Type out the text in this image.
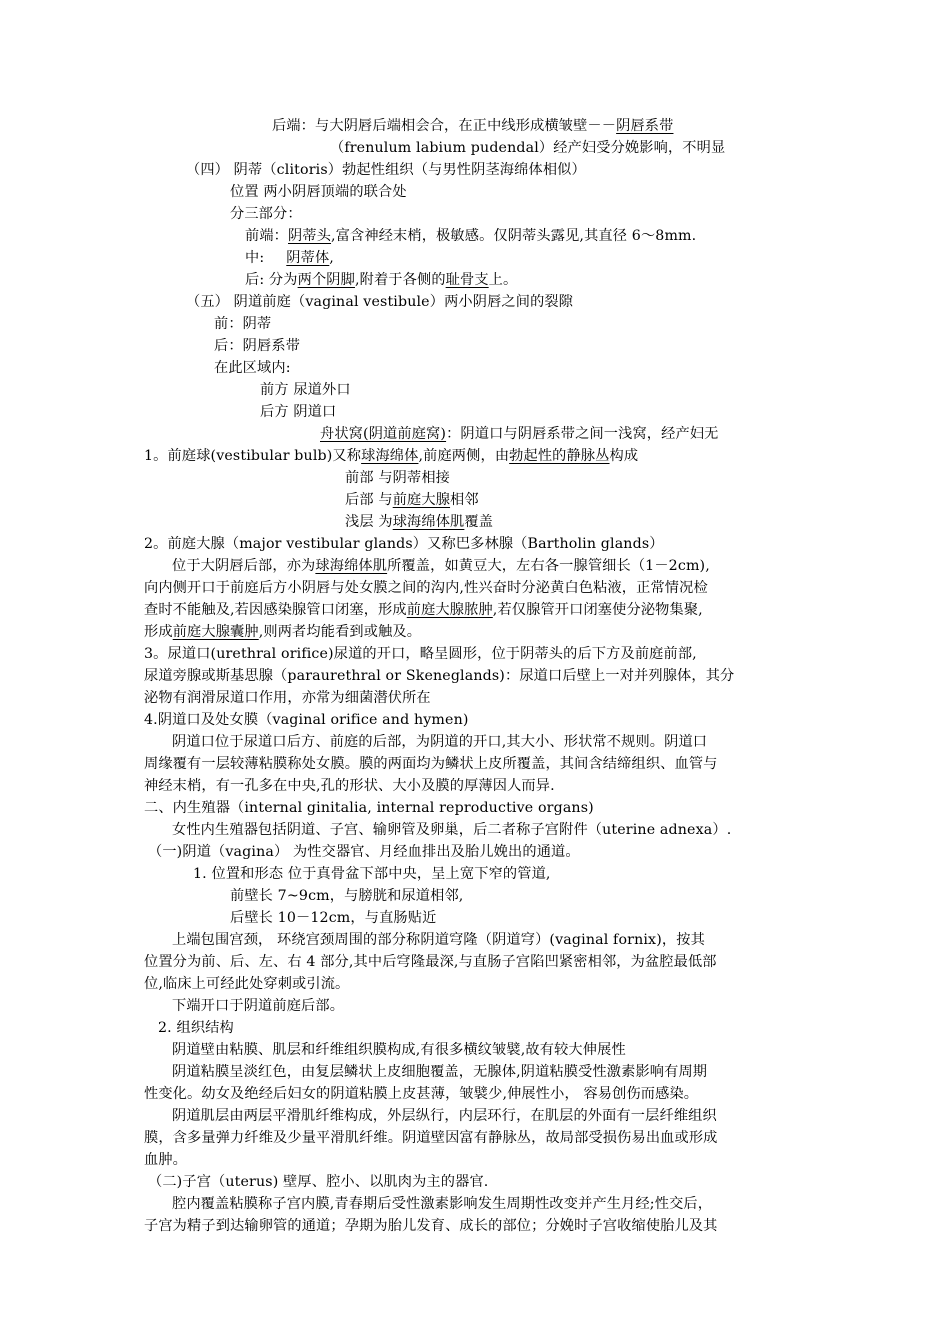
后端：与大阴唇后端相会合，在正中线形成横皱壁－－阴唇系带
（frenulum labium pudendal）经产妇受分娩影响，不明显
（四） 阴蒂（clitoris）勃起性组织（与男性阴茎海绵体相似）
位置 两小阴唇顶端的联合处
分三部分：
前端：阴蒂头,富含神经末梢，极敏感。仅阴蒂头露见,其直径 6～8mm.
中: 阴蒂体,
后: 分为两个阴脚,附着于各侧的耻骨支上。
（五） 阴道前庭（vaginal vestibule）两小阴唇之间的裂隙
前：阴蒂
后：阴唇系带
在此区域内:
前方 尿道外口
后方 阴道口
舟状窝(阴道前庭窝)：阴道口与阴唇系带之间一浅窝，经产妇无
1。前庭球(vestibular bulb)又称球海绵体,前庭两侧，由勃起性的静脉丛构成
前部 与阴蒂相接
后部 与前庭大腺相邻
浅层 为球海绵体肌覆盖
2。前庭大腺（major vestibular glands）又称巴多林腺（Bartholin glands）
位于大阴唇后部，亦为球海绵体肌所覆盖，如黄豆大，左右各一腺管细长（1－2cm),
向内侧开口于前庭后方小阴唇与处女膜之间的沟内,性兴奋时分泌黄白色粘液，正常情况检
查时不能触及,若因感染腺管口闭塞，形成前庭大腺脓肿,若仅腺管开口闭塞使分泌物集聚,
形成前庭大腺囊肿,则两者均能看到或触及。
3。尿道口(urethral orifice)尿道的开口，略呈圆形，位于阴蒂头的后下方及前庭前部,
尿道旁腺或斯基思腺（paraurethral or Skeneglands)：尿道口后壁上一对并列腺体，其分
泌物有润滑尿道口作用，亦常为细菌潜伏所在
4.阴道口及处女膜（vaginal orifice and hymen)
阴道口位于尿道口后方、前庭的后部，为阴道的开口,其大小、形状常不规则。阴道口
周缘覆有一层较薄粘膜称处女膜。膜的两面均为鳞状上皮所覆盖，其间含结缔组织、血管与
神经末梢，有一孔多在中央,孔的形状、大小及膜的厚薄因人而异.
二、内生殖器（internal ginitalia, internal reproductive organs)
女性内生殖器包括阴道、子宫、输卵管及卵巢，后二者称子宫附件（uterine adnexa）.
（一)阴道（vagina） 为性交器官、月经血排出及胎儿娩出的通道。
1. 位置和形态 位于真骨盆下部中央，呈上宽下窄的管道,
前壁长 7~9cm，与膀胱和尿道相邻,
后壁长 10－12cm，与直肠贴近
上端包围宫颈， 环绕宫颈周围的部分称阴道穹隆（阴道穹）(vaginal fornix)，按其
位置分为前、后、左、右 4 部分,其中后穹隆最深,与直肠子宫陷凹紧密相邻，为盆腔最低部
位,临床上可经此处穿刺或引流。
下端开口于阴道前庭后部。
2. 组织结构
阴道壁由粘膜、肌层和纤维组织膜构成,有很多横纹皱襞,故有较大伸展性
阴道粘膜呈淡红色，由复层鳞状上皮细胞覆盖，无腺体,阴道粘膜受性激素影响有周期
性变化。幼女及绝经后妇女的阴道粘膜上皮甚薄，皱襞少,伸展性小， 容易创伤而感染。
阴道肌层由两层平滑肌纤维构成，外层纵行，内层环行，在肌层的外面有一层纤维组织
膜，含多量弹力纤维及少量平滑肌纤维。阴道壁因富有静脉丛，故局部受损伤易出血或形成
血肿。
（二)子宫（uterus) 壁厚、腔小、以肌肉为主的器官.
腔内覆盖粘膜称子宫内膜,青春期后受性激素影响发生周期性改变并产生月经;性交后，
子宫为精子到达输卵管的通道；孕期为胎儿发育、成长的部位；分娩时子宫收缩使胎儿及其
